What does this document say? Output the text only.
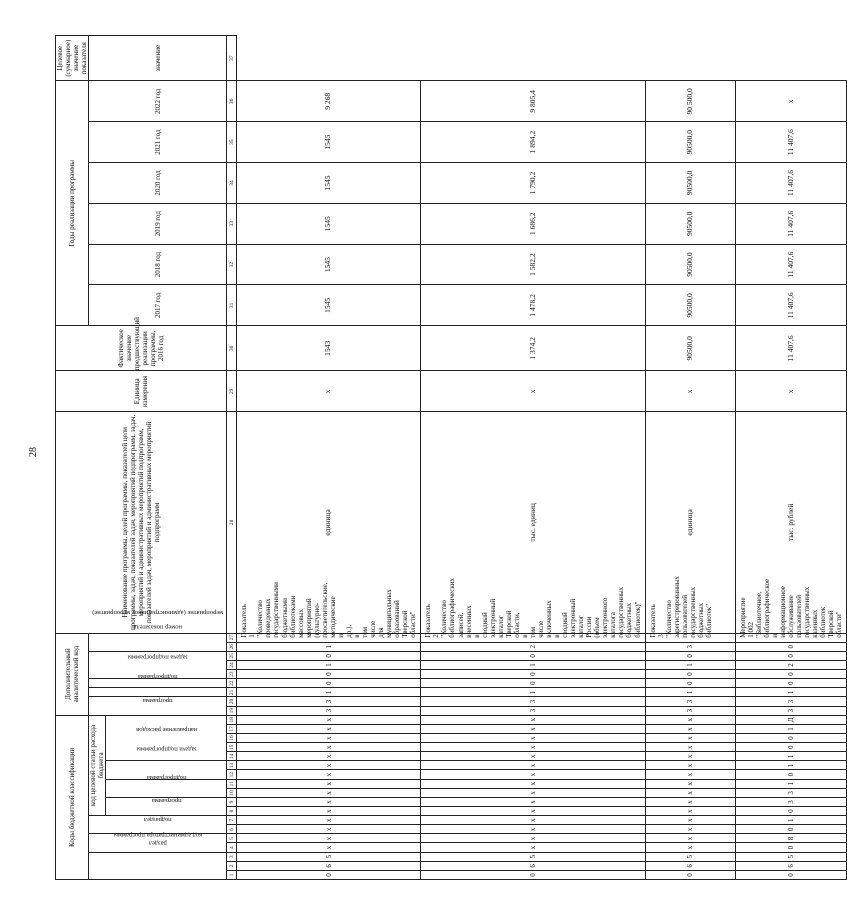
28
Коды бюджетной классификации																		Дополнительный аналитический код									Наименование программы, целей программы, показателей цели программы, задач, показателей задач, мероприятий подпрограмм, задач, мероприятий и административных мероприятий подпрограмм, показателей задач, мероприятий и административных мероприятий подпрограмм	Единица измерения	Фактическое значение предшествующий реализации программы, 2016 год	Годы реализации программы						Целевое (суммарное) значение показателя
код администратора программы			раздел		подраздел		код целевой статьи расхода бюджета											программа		подпрограмма	задача подпрограммы	мероприятие (административное мероприятие)			номер показателя					2017 год	2018 год	2019 год	2020 год	2021 год	2022 год	значение
							программа		подпрограмма		задача подпрограммы		направление расходов																							
1	2	3	4	5	6	7	8	9	10	11	12	13	14	15	16	17	18	19	20	21	22	23	24	25	26	27	28	29	30	31	32	33	34	35	36	37
0	6	5	х	х	х	х	х	х	х	х	х	х	х	х	х	х	х	3	3	1	0	0	1	0	1	Показатель 1 "Количество проведенных государственными бюджетными библиотеками массовых мероприятий (культурно-просветительские, методические и др.), в том числе для муниципальных образований Тверской области"	единица	х	1543	1545	1545	1545	1545	1545	9 268	
0	6	5	х	х	х	х	х	х	х	х	х	х	х	х	х	х	х	3	3	1	0	0	1	0	2	Показатель 2 "Количество библиографических записей, внесенных в сводный электронный каталог Тверской области, в том числе включенных в сводный электронный каталог России (объем электронного каталога государственных бюджетных библиотек)"	тыс. единиц	х	1 374,2	1 478,2	1 582,2	1 686,2	1 790,2	1 894,2	9 805,4	
0	6	5	х	х	х	х	х	х	х	х	х	х	х	х	х	х	х	3	3	1	0	0	1	0	3	Показатель 3 "Количество зарегистрированных пользователей государственных бюджетных библиотек"	единица	х	90500,0	90500,0	90500,0	90500,0	90500,0	90500,0	90 500,0	
0	6	5	0	8	0	1	0	3	3	1	0	1	1	0	0	1	Д	3	3	1	0	0	2	0	0	Мероприятие 1.002 "Библиотечное, библиографическое и информационное обслуживание пользователей государственных казенных библиотек Тверской области"	тыс. рублей	х	11 407,6	11 407,6	11 407,6	11 407,6	11 407,6	11 407,6	х	
